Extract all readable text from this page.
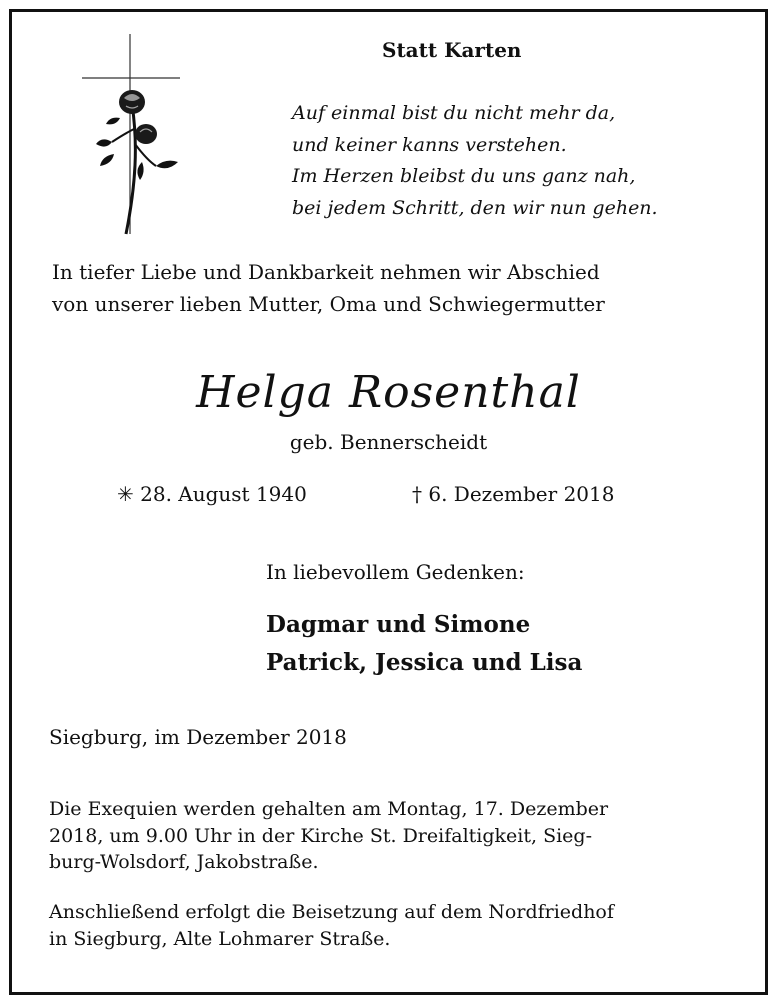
Statt Karten
Auf einmal bist du nicht mehr da,
und keiner kanns verstehen.
Im Herzen bleibst du uns ganz nah,
bei jedem Schritt, den wir nun gehen.
In tiefer Liebe und Dankbarkeit nehmen wir Abschied
von unserer lieben Mutter, Oma und Schwiegermutter
Helga Rosenthal
geb. Bennerscheidt
✳ 28. August 1940	† 6. Dezember 2018
In liebevollem Gedenken:
Dagmar und Simone
Patrick, Jessica und Lisa
Siegburg, im Dezember 2018
Die Exequien werden gehalten am Montag, 17. Dezember
2018, um 9.00 Uhr in der Kirche St. Dreifaltigkeit, Sieg-
burg-Wolsdorf, Jakobstraße.
Anschließend erfolgt die Beisetzung auf dem Nordfriedhof
in Siegburg, Alte Lohmarer Straße.
